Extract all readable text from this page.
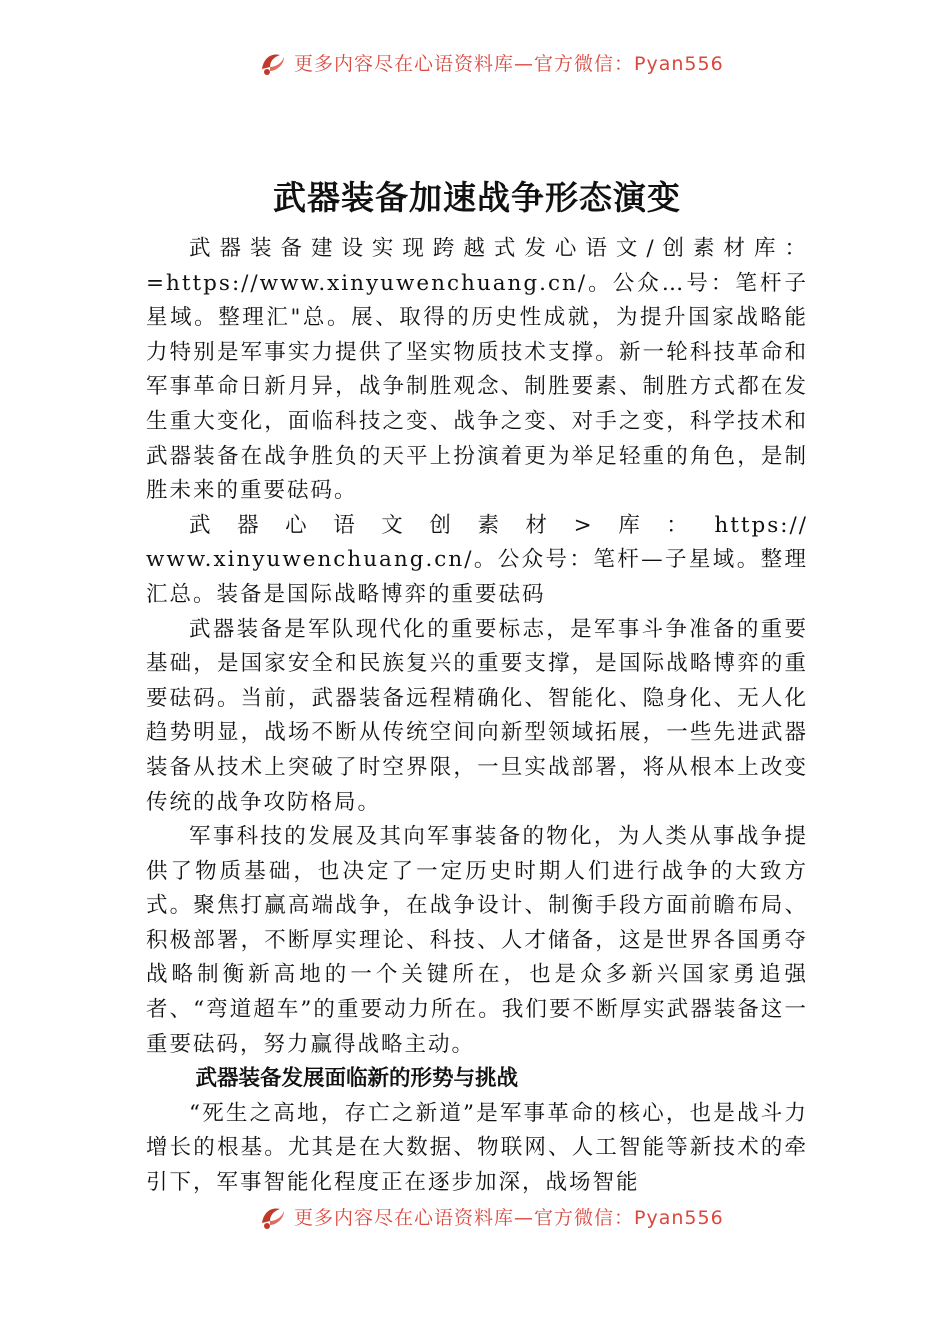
更多内容尽在心语资料库—官方微信：Pyan556
武器装备加速战争形态演变

武器装备建设实现跨越式发心语文/创素材库：
=https://www.xinyuwenchuang.cn/。公众…号：笔杆子星域。整理汇"总。展、取得的历史性成就，为提升国家战略能力特别是军事实力提供了坚实物质技术支撑。新一轮科技革命和军事革命日新月异，战争制胜观念、制胜要素、制胜方式都在发生重大变化，面临科技之变、战争之变、对手之变，科学技术和武器装备在战争胜负的天平上扮演着更为举足轻重的角色，是制胜未来的重要砝码。

武器心语文创素材>库：https://
www.xinyuwenchuang.cn/。公众号：笔杆—子星域。整理汇总。装备是国际战略博弈的重要砝码

武器装备是军队现代化的重要标志，是军事斗争准备的重要基础，是国家安全和民族复兴的重要支撑，是国际战略博弈的重要砝码。当前，武器装备远程精确化、智能化、隐身化、无人化趋势明显，战场不断从传统空间向新型领域拓展，一些先进武器装备从技术上突破了时空界限，一旦实战部署，将从根本上改变传统的战争攻防格局。

军事科技的发展及其向军事装备的物化，为人类从事战争提供了物质基础，也决定了一定历史时期人们进行战争的大致方式。聚焦打赢高端战争，在战争设计、制衡手段方面前瞻布局、积极部署，不断厚实理论、科技、人才储备，这是世界各国勇夺战略制衡新高地的一个关键所在，也是众多新兴国家勇追强者、“弯道超车”的重要动力所在。我们要不断厚实武器装备这一重要砝码，努力赢得战略主动。

武器装备发展面临新的形势与挑战

“死生之高地，存亡之新道”是军事革命的核心，也是战斗力增长的根基。尤其是在大数据、物联网、人工智能等新技术的牵引下，军事智能化程度正在逐步加深，战场智能

更多内容尽在心语资料库—官方微信：Pyan556
